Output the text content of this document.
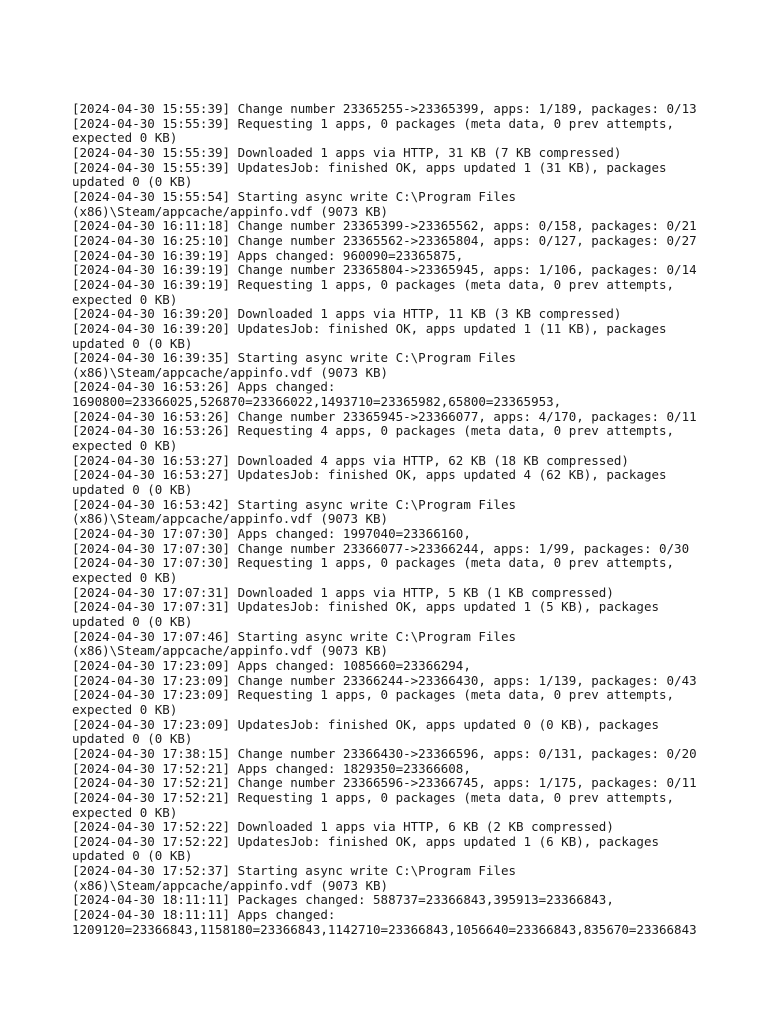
[2024-04-30 15:55:39] Change number 23365255->23365399, apps: 1/189, packages: 0/13
[2024-04-30 15:55:39] Requesting 1 apps, 0 packages (meta data, 0 prev attempts,
expected 0 KB)
[2024-04-30 15:55:39] Downloaded 1 apps via HTTP, 31 KB (7 KB compressed)
[2024-04-30 15:55:39] UpdatesJob: finished OK, apps updated 1 (31 KB), packages
updated 0 (0 KB)
[2024-04-30 15:55:54] Starting async write C:\Program Files
(x86)\Steam/appcache/appinfo.vdf (9073 KB)
[2024-04-30 16:11:18] Change number 23365399->23365562, apps: 0/158, packages: 0/21
[2024-04-30 16:25:10] Change number 23365562->23365804, apps: 0/127, packages: 0/27
[2024-04-30 16:39:19] Apps changed: 960090=23365875,
[2024-04-30 16:39:19] Change number 23365804->23365945, apps: 1/106, packages: 0/14
[2024-04-30 16:39:19] Requesting 1 apps, 0 packages (meta data, 0 prev attempts,
expected 0 KB)
[2024-04-30 16:39:20] Downloaded 1 apps via HTTP, 11 KB (3 KB compressed)
[2024-04-30 16:39:20] UpdatesJob: finished OK, apps updated 1 (11 KB), packages
updated 0 (0 KB)
[2024-04-30 16:39:35] Starting async write C:\Program Files
(x86)\Steam/appcache/appinfo.vdf (9073 KB)
[2024-04-30 16:53:26] Apps changed:
1690800=23366025,526870=23366022,1493710=23365982,65800=23365953,
[2024-04-30 16:53:26] Change number 23365945->23366077, apps: 4/170, packages: 0/11
[2024-04-30 16:53:26] Requesting 4 apps, 0 packages (meta data, 0 prev attempts,
expected 0 KB)
[2024-04-30 16:53:27] Downloaded 4 apps via HTTP, 62 KB (18 KB compressed)
[2024-04-30 16:53:27] UpdatesJob: finished OK, apps updated 4 (62 KB), packages
updated 0 (0 KB)
[2024-04-30 16:53:42] Starting async write C:\Program Files
(x86)\Steam/appcache/appinfo.vdf (9073 KB)
[2024-04-30 17:07:30] Apps changed: 1997040=23366160,
[2024-04-30 17:07:30] Change number 23366077->23366244, apps: 1/99, packages: 0/30
[2024-04-30 17:07:30] Requesting 1 apps, 0 packages (meta data, 0 prev attempts,
expected 0 KB)
[2024-04-30 17:07:31] Downloaded 1 apps via HTTP, 5 KB (1 KB compressed)
[2024-04-30 17:07:31] UpdatesJob: finished OK, apps updated 1 (5 KB), packages
updated 0 (0 KB)
[2024-04-30 17:07:46] Starting async write C:\Program Files
(x86)\Steam/appcache/appinfo.vdf (9073 KB)
[2024-04-30 17:23:09] Apps changed: 1085660=23366294,
[2024-04-30 17:23:09] Change number 23366244->23366430, apps: 1/139, packages: 0/43
[2024-04-30 17:23:09] Requesting 1 apps, 0 packages (meta data, 0 prev attempts,
expected 0 KB)
[2024-04-30 17:23:09] UpdatesJob: finished OK, apps updated 0 (0 KB), packages
updated 0 (0 KB)
[2024-04-30 17:38:15] Change number 23366430->23366596, apps: 0/131, packages: 0/20
[2024-04-30 17:52:21] Apps changed: 1829350=23366608,
[2024-04-30 17:52:21] Change number 23366596->23366745, apps: 1/175, packages: 0/11
[2024-04-30 17:52:21] Requesting 1 apps, 0 packages (meta data, 0 prev attempts,
expected 0 KB)
[2024-04-30 17:52:22] Downloaded 1 apps via HTTP, 6 KB (2 KB compressed)
[2024-04-30 17:52:22] UpdatesJob: finished OK, apps updated 1 (6 KB), packages
updated 0 (0 KB)
[2024-04-30 17:52:37] Starting async write C:\Program Files
(x86)\Steam/appcache/appinfo.vdf (9073 KB)
[2024-04-30 18:11:11] Packages changed: 588737=23366843,395913=23366843,
[2024-04-30 18:11:11] Apps changed:
1209120=23366843,1158180=23366843,1142710=23366843,1056640=23366843,835670=23366843
